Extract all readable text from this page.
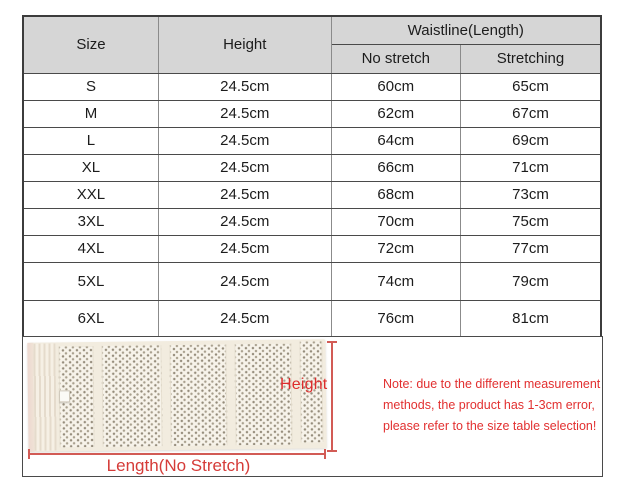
Size	Height	Waistline(Length)	
		No stretch	Stretching
S	24.5cm	60cm	65cm
M	24.5cm	62cm	67cm
L	24.5cm	64cm	69cm
XL	24.5cm	66cm	71cm
XXL	24.5cm	68cm	73cm
3XL	24.5cm	70cm	75cm
4XL	24.5cm	72cm	77cm
5XL	24.5cm	74cm	79cm
6XL	24.5cm	76cm	81cm
Height
Length(No Stretch)
Note: due to the different measurement
methods, the product has 1-3cm error,
please refer to the size table selection!
